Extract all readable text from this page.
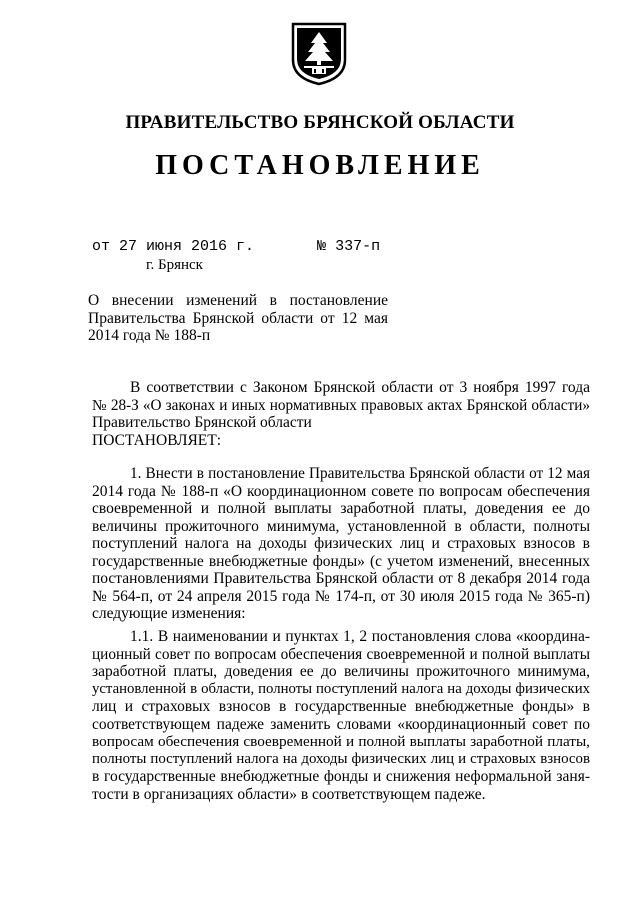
ПРАВИТЕЛЬСТВО БРЯНСКОЙ ОБЛАСТИ
ПОСТАНОВЛЕНИЕ
от 27 июня 2016 г.	№ 337-п
г. Брянск
О внесении изменений в постановление
Правительства Брянской области от 12 мая
2014 года № 188-п
В соответствии с Законом Брянской области от 3 ноября 1997 года
№ 28-З «О законах и иных нормативных правовых актах Брянской области»
Правительство Брянской области
ПОСТАНОВЛЯЕТ:
1. Внести в постановление Правительства Брянской области от 12 мая
2014 года № 188-п «О координационном совете по вопросам обеспечения
своевременной и полной выплаты заработной платы, доведения ее до
величины прожиточного минимума, установленной в области, полноты
поступлений налога на доходы физических лиц и страховых взносов в
государственные внебюджетные фонды» (с учетом изменений, внесенных
постановлениями Правительства Брянской области от 8 декабря 2014 года
№ 564-п, от 24 апреля 2015 года № 174-п, от 30 июля 2015 года № 365-п)
следующие изменения:
1.1. В наименовании и пунктах 1, 2 постановления слова «координа-
ционный совет по вопросам обеспечения своевременной и полной выплаты
заработной платы, доведения ее до величины прожиточного минимума,
установленной в области, полноты поступлений налога на доходы физических
лиц и страховых взносов в государственные внебюджетные фонды» в
соответствующем падеже заменить словами «координационный совет по
вопросам обеспечения своевременной и полной выплаты заработной платы,
полноты поступлений налога на доходы физических лиц и страховых взносов
в государственные внебюджетные фонды и снижения неформальной заня-
тости в организациях области» в соответствующем падеже.
